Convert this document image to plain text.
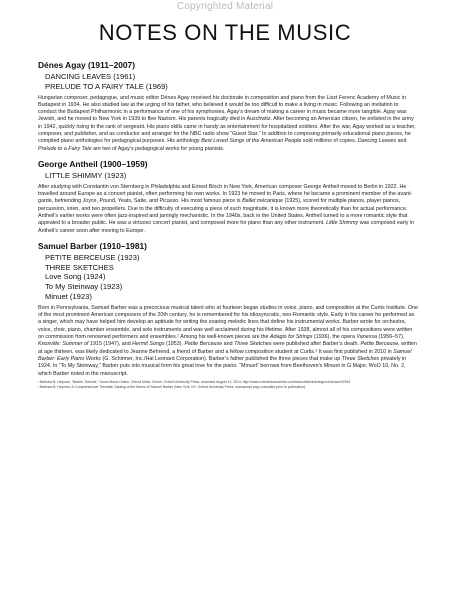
Copyrighted Material
NOTES ON THE MUSIC
Dénes Agay (1911–2007)
DANCING LEAVES (1961)
PRELUDE TO A FAIRY TALE (1969)

Hungarian composer, pedagogue, and music editor Dénes Agay received his doctorate in composition and piano from the Liszt Ferenc Academy of Music in Budapest in 1934. He also studied law at the urging of his father, who believed it would be too difficult to make a living in music. Following an invitation to conduct the Budapest Philharmonic in a performance of one of his symphonies, Agay’s dream of making a career in music became more tangible. Agay was Jewish, and he moved to New York in 1939 to flee Nazism. His parents tragically died in Auschwitz. After becoming an American citizen, he enlisted in the army in 1942, quickly rising to the rank of sergeant. His piano skills came in handy as entertainment for hospitalized soldiers. After the war, Agay worked as a teacher, composer, and publisher, and as conductor and arranger for the NBC radio show “Guest Star.” In addition to composing primarily educational piano pieces, he compiled piano anthologies for pedagogical purposes. His anthology Best Loved Songs of the American People sold millions of copies. Dancing Leaves and Prelude to a Fairy Tale are two of Agay’s pedagogical works for young pianists.

George Antheil (1900–1959)
LITTLE SHIMMY (1923)

After studying with Constantin von Sternberg in Philadelphia and Ernest Bloch in New York, American composer George Antheil moved to Berlin in 1922. He travelled around Europe as a concert pianist, often performing his own works. In 1923 he moved to Paris, where he became a prominent member of the avant-garde, befriending Joyce, Pound, Yeats, Satie, and Picasso. His most famous piece is Ballet mécanique (1925), scored for multiple pianos, player pianos, percussion, siren, and two propellers. Due to the difficulty of executing a piece of such magnitude, it is known more theoretically than for actual performance. Antheil’s earlier works were often jazz-inspired and jarringly mechanistic. In the 1940s, back in the United States, Antheil turned to a more romantic style that appealed to a broader public. He was a virtuoso concert pianist, and composed more for piano than any other instrument. Little Shimmy was composed early in Antheil’s career soon after moving to Europe.

Samuel Barber (1910–1981)
PETITE BERCEUSE (1923)
THREE SKETCHES
Love Song (1924)
To My Steinway (1923)
Minuet (1923)

Born in Pennsylvania, Samuel Barber was a precocious musical talent who at fourteen began studies in voice, piano, and composition at the Curtis Institute. One of the most prominent American composers of the 20th century, he is remembered for his idiosyncratic, neo-Romantic style. Early in his career he performed as a singer, which may have helped him develop an aptitude for writing the soaring melodic lines that define his instrumental works. Barber wrote for orchestra, voice, choir, piano, chamber ensemble, and solo instruments and was well acclaimed during his lifetime. After 1938, almost all of his compositions were written on commission from renowned performers and ensembles.¹ Among his well-known pieces are the Adagio for Strings (1936), the opera Vanessa (1956–57), Knoxville: Summer of 1915 (1947), and Hermit Songs (1953). Petite Berceuse and Three Sketches were published after Barber’s death. Petite Berceuse, written at age thirteen, was likely dedicated to Jeanne Behrend, a friend of Barber and a fellow composition student at Curtis.² It was first published in 2010 in Samuel Barber: Early Piano Works (G. Schirmer, Inc./Hal Leonard Corporation). Barber’s father published the three pieces that make up Three Sketches privately in 1924. In “To My Steinway,” Barber puts into musical form his great love for the piano. “Minuet” borrows from Beethoven’s Minuet in G Major, WoO 10, No. 2, which Barber noted in the manuscript.

¹ Barbara B. Heyman, “Barber, Samuel,” Grove Music Online, Oxford Music Online, Oxford University Press, accessed August 12, 2014, http://www.oxfordmusiconline.com/subscriber/article/grove/music/01994.

² Barbara B. Heyman, A Comprehensive Thematic Catalog of the Works of Samuel Barber (New York, NY: Oxford University Press, manuscript copy consulted prior to publication).
